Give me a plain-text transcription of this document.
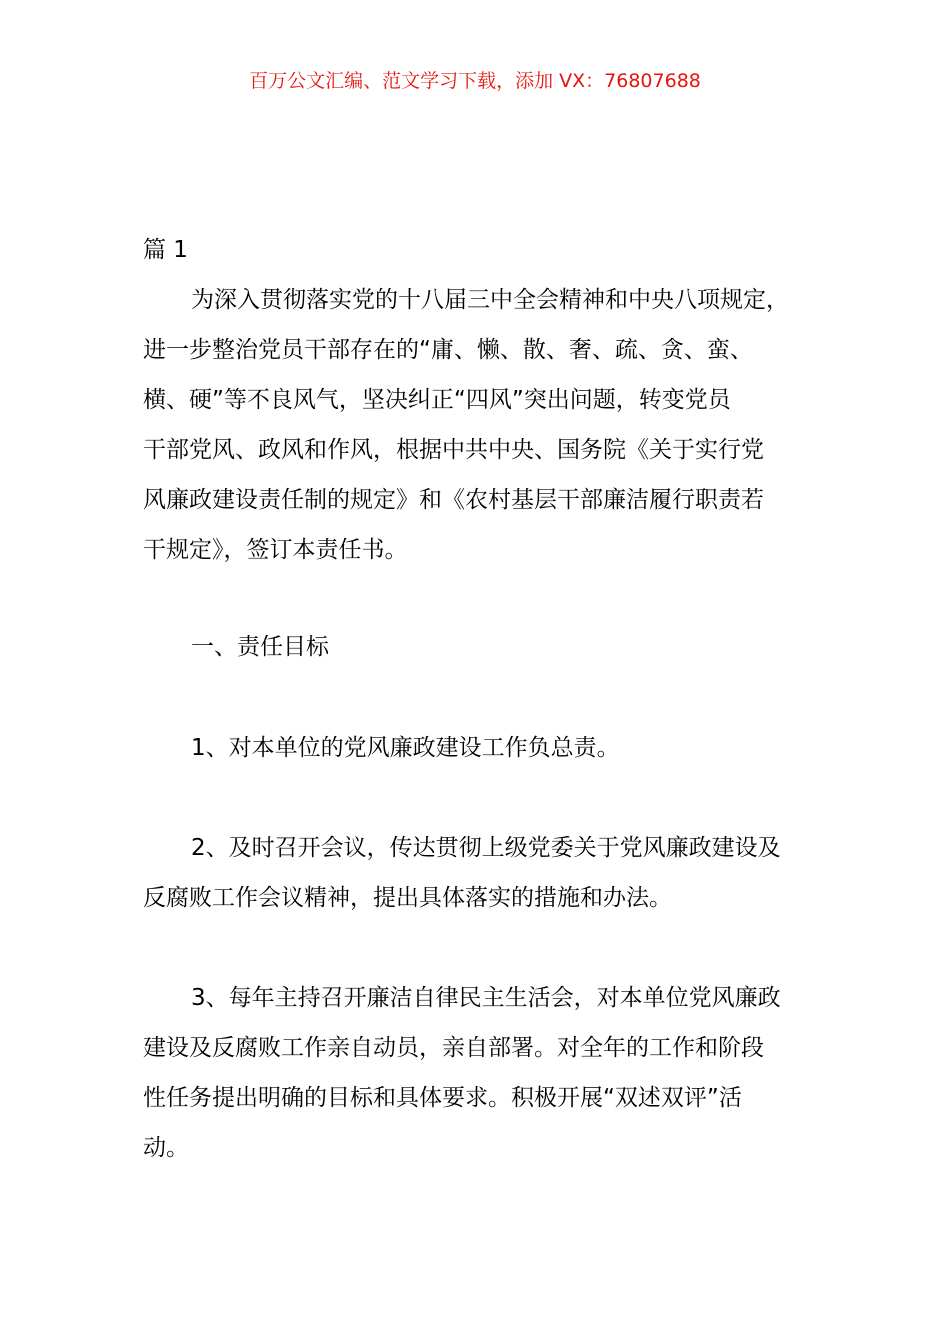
百万公文汇编、范文学习下载，添加 VX：76807688
篇 1
为深入贯彻落实党的十八届三中全会精神和中央八项规定，
进一步整治党员干部存在的“庸、懒、散、奢、疏、贪、蛮、
横、硬”等不良风气，坚决纠正“四风”突出问题，转变党员
干部党风、政风和作风，根据中共中央、国务院《关于实行党
风廉政建设责任制的规定》和《农村基层干部廉洁履行职责若
干规定》，签订本责任书。
一、责任目标
1、对本单位的党风廉政建设工作负总责。
2、及时召开会议，传达贯彻上级党委关于党风廉政建设及
反腐败工作会议精神，提出具体落实的措施和办法。
3、每年主持召开廉洁自律民主生活会，对本单位党风廉政
建设及反腐败工作亲自动员，亲自部署。对全年的工作和阶段
性任务提出明确的目标和具体要求。积极开展“双述双评”活
动。
